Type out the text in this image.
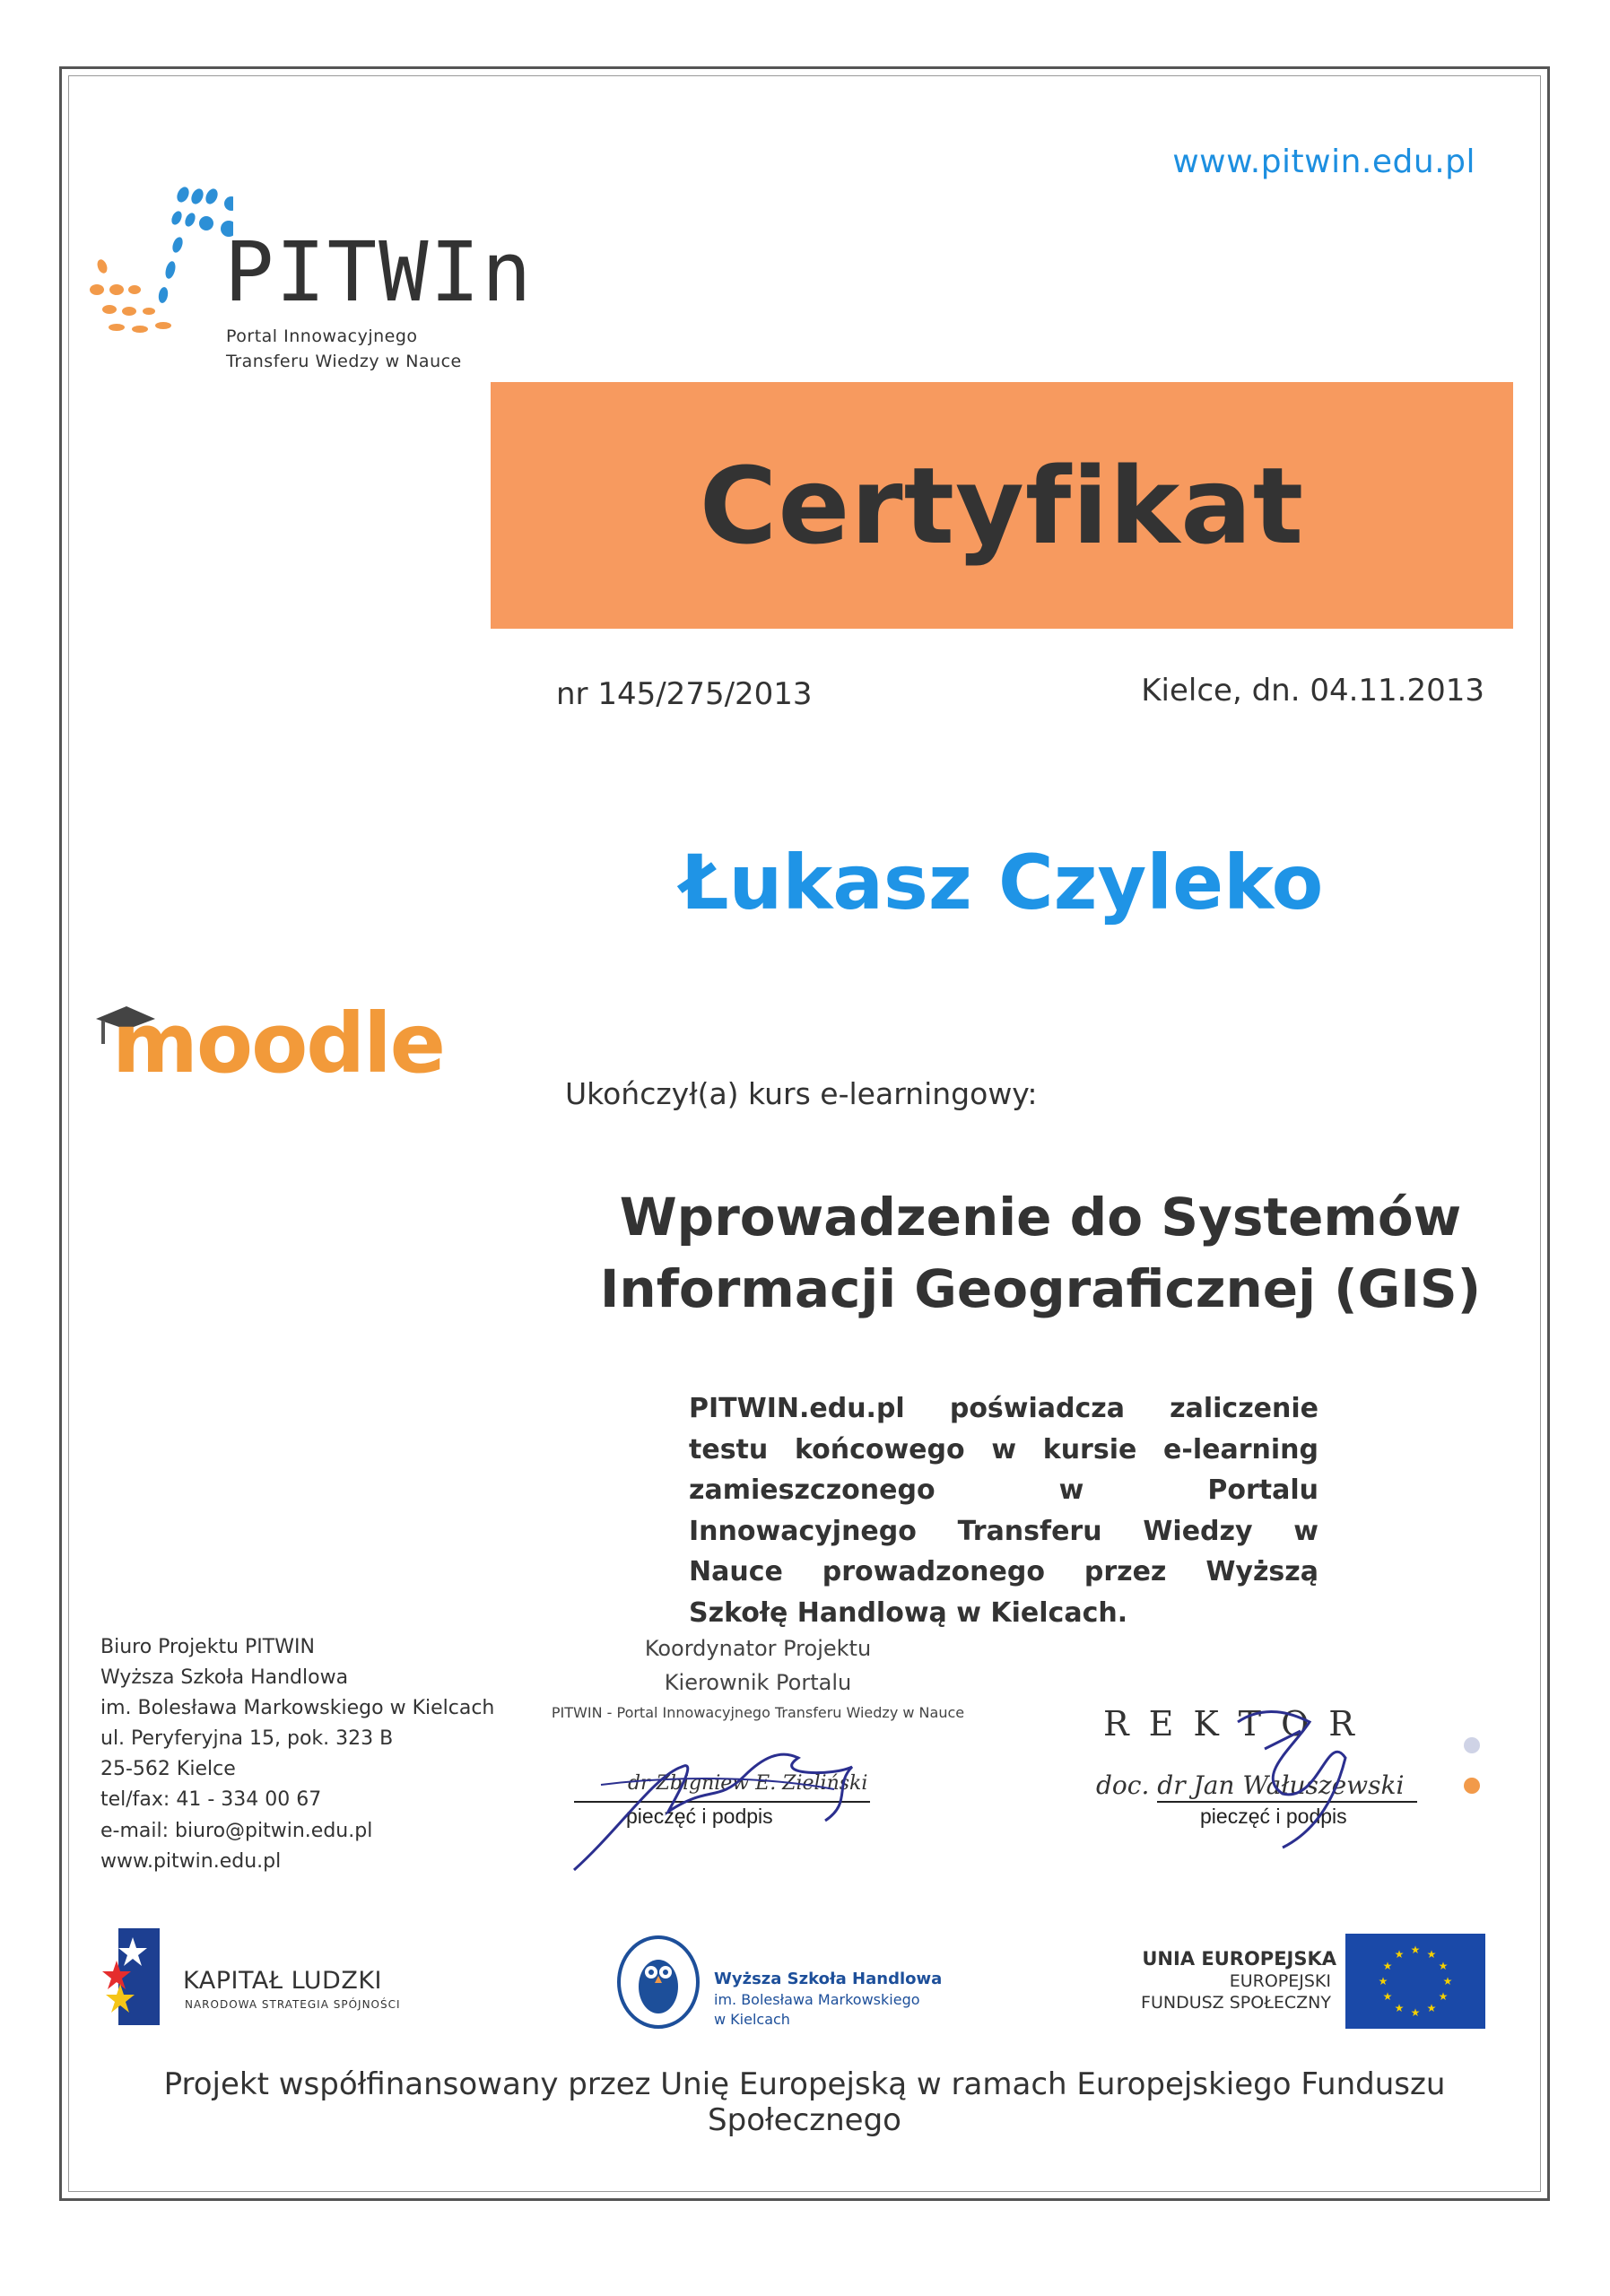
www.pitwin.edu.pl
PITWIn
Portal Innowacyjnego
Transferu Wiedzy w Nauce
Certyfikat
nr 145/275/2013	Kielce, dn. 04.11.2013
Łukasz Czyleko
moodle
Ukończył(a) kurs e-learningowy:
Wprowadzenie do Systemów
Informacji Geograficznej (GIS)
PITWIN.edu.pl poświadcza zaliczenie testu końcowego w kursie e-learning zamieszczonego w Portalu Innowacyjnego Transferu Wiedzy w Nauce prowadzonego przez Wyższą Szkołę Handlową w Kielcach.
Biuro Projektu PITWIN
Wyższa Szkoła Handlowa
im. Bolesława Markowskiego w Kielcach
ul. Peryferyjna 15, pok. 323 B
25-562 Kielce
tel/fax: 41 - 334 00 67
e-mail: biuro@pitwin.edu.pl
www.pitwin.edu.pl
Koordynator Projektu
Kierownik Portalu
PITWIN - Portal Innowacyjnego Transferu Wiedzy w Nauce
dr Zbigniew E. Zieliński
pieczęć i podpis
REKTOR
doc. dr Jan Wałuszewski
pieczęć i podpis
KAPITAŁ LUDZKI
NARODOWA STRATEGIA SPÓJNOŚCI
Wyższa Szkoła Handlowa
im. Bolesława Markowskiego
w Kielcach
UNIA EUROPEJSKA
EUROPEJSKI
FUNDUSZ SPOŁECZNY
★ ★
★
★
★
★
★
★
★
★
★
★
Projekt współfinansowany przez Unię Europejską w ramach Europejskiego Funduszu Społecznego
